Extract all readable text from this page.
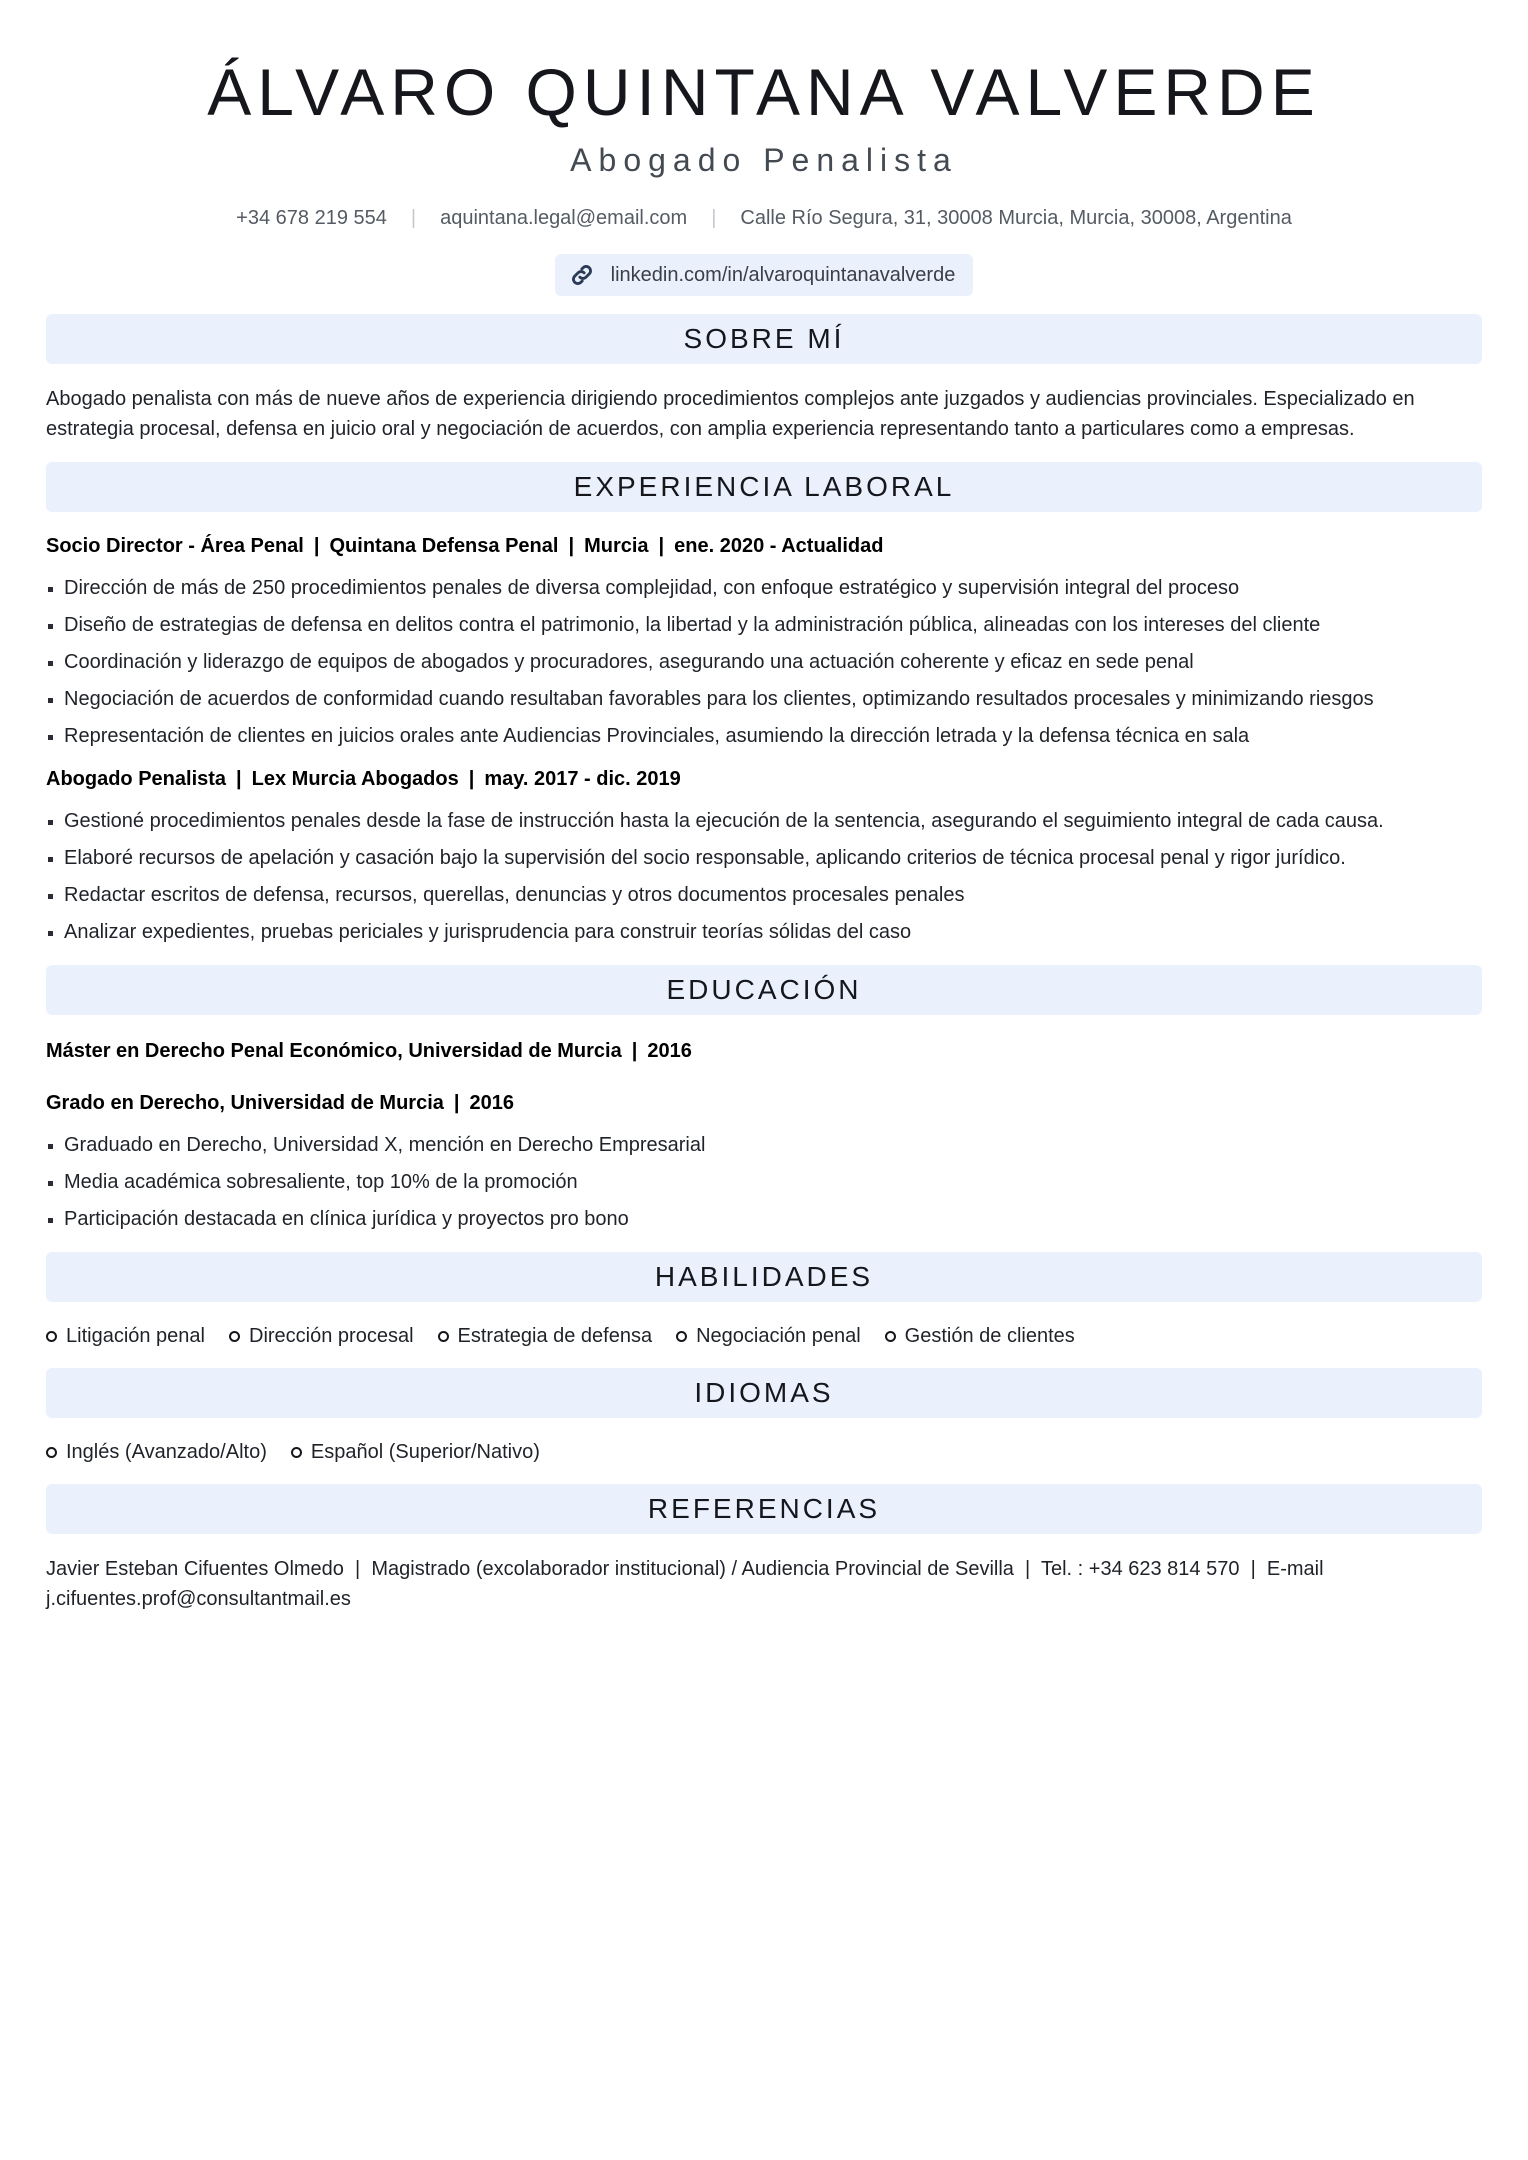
ÁLVARO QUINTANA VALVERDE
Abogado Penalista
+34 678 219 554 | aquintana.legal@email.com | Calle Río Segura, 31, 30008 Murcia, Murcia, 30008, Argentina
linkedin.com/in/alvaroquintanavalverde
SOBRE MÍ
Abogado penalista con más de nueve años de experiencia dirigiendo procedimientos complejos ante juzgados y audiencias provinciales. Especializado en estrategia procesal, defensa en juicio oral y negociación de acuerdos, con amplia experiencia representando tanto a particulares como a empresas.
EXPERIENCIA LABORAL
Socio Director - Área Penal | Quintana Defensa Penal | Murcia | ene. 2020 - Actualidad
Dirección de más de 250 procedimientos penales de diversa complejidad, con enfoque estratégico y supervisión integral del proceso
Diseño de estrategias de defensa en delitos contra el patrimonio, la libertad y la administración pública, alineadas con los intereses del cliente
Coordinación y liderazgo de equipos de abogados y procuradores, asegurando una actuación coherente y eficaz en sede penal
Negociación de acuerdos de conformidad cuando resultaban favorables para los clientes, optimizando resultados procesales y minimizando riesgos
Representación de clientes en juicios orales ante Audiencias Provinciales, asumiendo la dirección letrada y la defensa técnica en sala
Abogado Penalista | Lex Murcia Abogados | may. 2017 - dic. 2019
Gestioné procedimientos penales desde la fase de instrucción hasta la ejecución de la sentencia, asegurando el seguimiento integral de cada causa.
Elaboré recursos de apelación y casación bajo la supervisión del socio responsable, aplicando criterios de técnica procesal penal y rigor jurídico.
Redactar escritos de defensa, recursos, querellas, denuncias y otros documentos procesales penales
Analizar expedientes, pruebas periciales y jurisprudencia para construir teorías sólidas del caso
EDUCACIÓN
Máster en Derecho Penal Económico, Universidad de Murcia | 2016
Grado en Derecho, Universidad de Murcia | 2016
Graduado en Derecho, Universidad X, mención en Derecho Empresarial
Media académica sobresaliente, top 10% de la promoción
Participación destacada en clínica jurídica y proyectos pro bono
HABILIDADES
Litigación penal Dirección procesal Estrategia de defensa Negociación penal Gestión de clientes
IDIOMAS
Inglés (Avanzado/Alto) Español (Superior/Nativo)
REFERENCIAS
Javier Esteban Cifuentes Olmedo  |  Magistrado (excolaborador institucional) / Audiencia Provincial de Sevilla  |  Tel. : +34 623 814 570  |  E-mail j.cifuentes.prof@consultantmail.es
